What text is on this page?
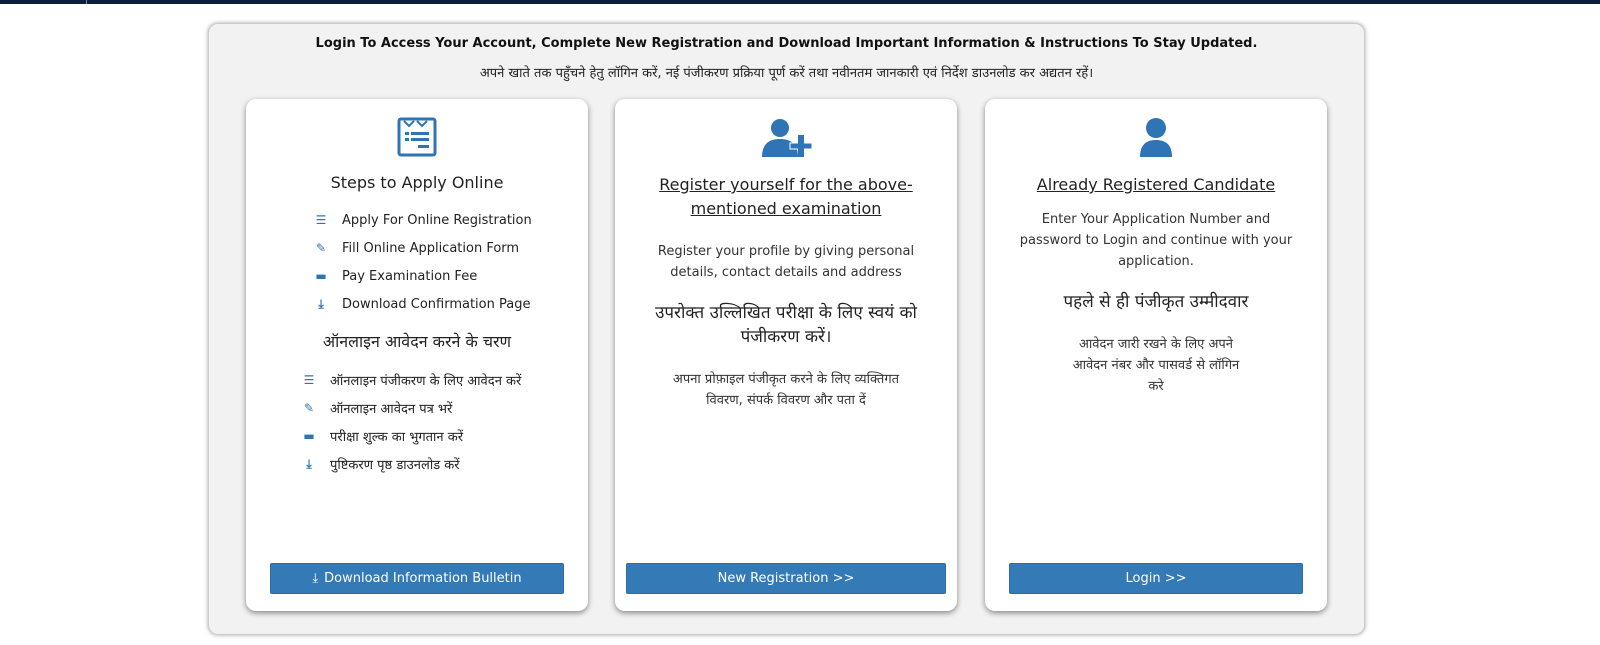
Login To Access Your Account, Complete New Registration and Download Important Information & Instructions To Stay Updated.
अपने खाते तक पहुँचने हेतु लॉगिन करें, नई पंजीकरण प्रक्रिया पूर्ण करें तथा नवीनतम जानकारी एवं निर्देश डाउनलोड कर अद्यतन रहें।
Steps to Apply Online
☰ Apply For Online Registration
✎ Fill Online Application Form
▬ Pay Examination Fee
⤓	Download Confirmation Page
ऑनलाइन आवेदन करने के चरण
☰ ऑनलाइन पंजीकरण के लिए आवेदन करें
✎ ऑनलाइन आवेदन पत्र भरें
▬ परीक्षा शुल्क का भुगतान करें
⤓	पुष्टिकरण पृष्ठ डाउनलोड करें
⤓ Download Information Bulletin
Register yourself for the above-mentioned examination
Register your profile by giving personal details, contact details and address
उपरोक्त उल्लिखित परीक्षा के लिए स्वयं को पंजीकरण करें।
अपना प्रोफ़ाइल पंजीकृत करने के लिए व्यक्तिगत विवरण, संपर्क विवरण और पता दें
New Registration >>
Already Registered Candidate
Enter Your Application Number and password to Login and continue with your application.
पहले से ही पंजीकृत उम्मीदवार
आवेदन जारी रखने के लिए अपने आवेदन नंबर और पासवर्ड से लॉगिन करे
Login >>
